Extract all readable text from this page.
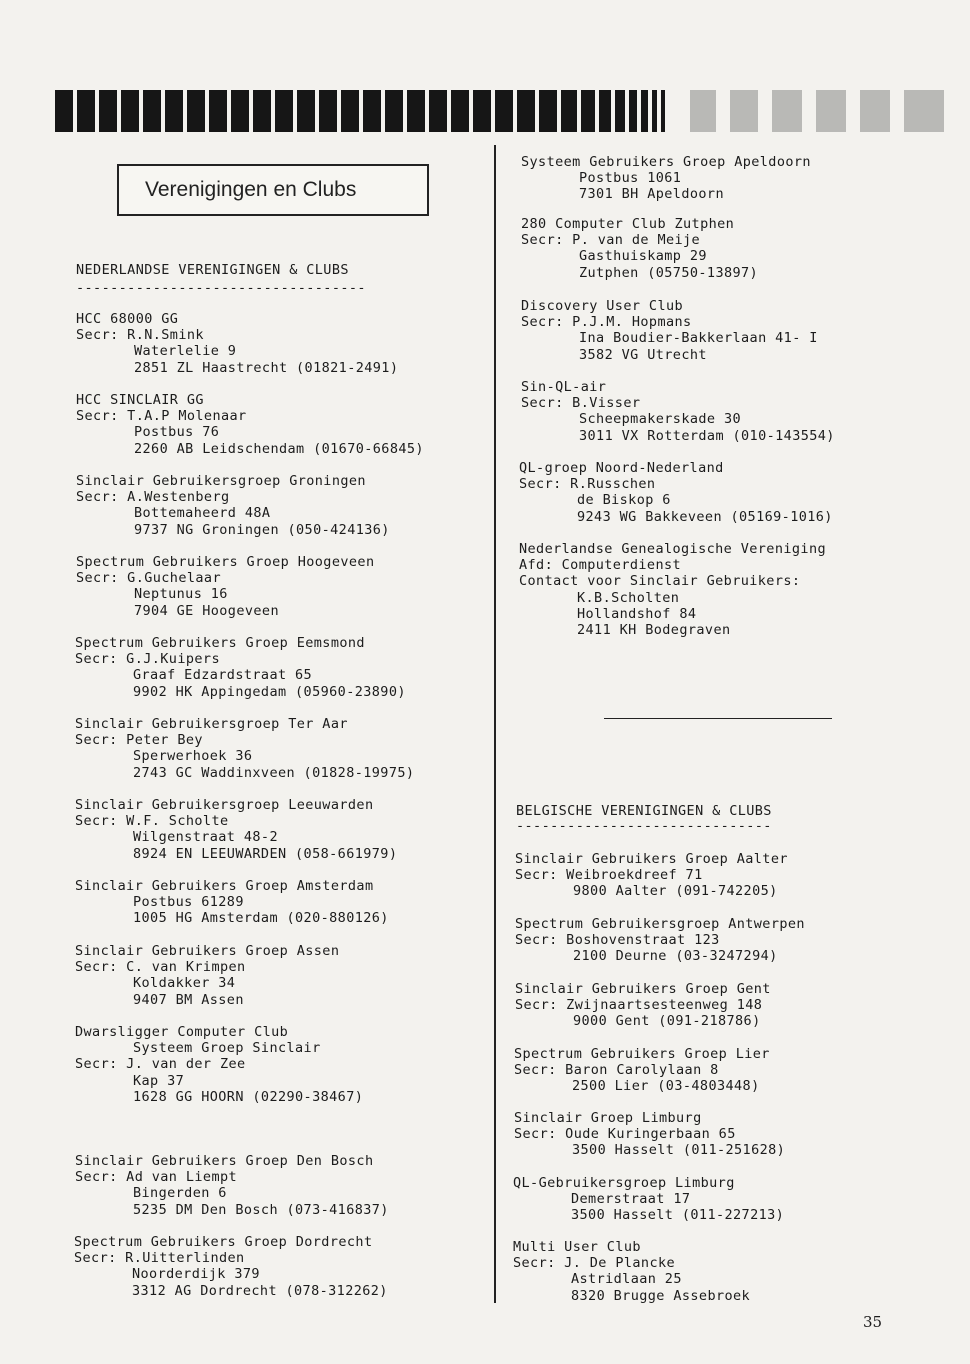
Verenigingen en Clubs
NEDERLANDSE VERENIGINGEN & CLUBS
----------------------------------
BELGISCHE VERENIGINGEN & CLUBS
------------------------------
HCC 68000 GG
Secr: R.N.Smink
Waterlelie 9
2851 ZL Haastrecht (01821-2491)
HCC SINCLAIR GG
Secr: T.A.P Molenaar
Postbus 76
2260 AB Leidschendam (01670-66845)
Sinclair Gebruikersgroep Groningen
Secr: A.Westenberg
Bottemaheerd 48A
9737 NG Groningen (050-424136)
Spectrum Gebruikers Groep Hoogeveen
Secr: G.Guchelaar
Neptunus 16
7904 GE Hoogeveen
Spectrum Gebruikers Groep Eemsmond
Secr: G.J.Kuipers
Graaf Edzardstraat 65
9902 HK Appingedam (05960-23890)
Sinclair Gebruikersgroep Ter Aar
Secr: Peter Bey
Sperwerhoek 36
2743 GC Waddinxveen (01828-19975)
Sinclair Gebruikersgroep Leeuwarden
Secr: W.F. Scholte
Wilgenstraat 48-2
8924 EN LEEUWARDEN (058-661979)
Sinclair Gebruikers Groep Amsterdam
Postbus 61289
1005 HG Amsterdam (020-880126)
Sinclair Gebruikers Groep Assen
Secr: C. van Krimpen
Koldakker 34
9407 BM Assen
Dwarsligger Computer Club
Systeem Groep Sinclair
Secr: J. van der Zee
Kap 37
1628 GG HOORN (02290-38467)
Sinclair Gebruikers Groep Den Bosch
Secr: Ad van Liempt
Bingerden 6
5235 DM Den Bosch (073-416837)
Spectrum Gebruikers Groep Dordrecht
Secr: R.Uitterlinden
Noorderdijk 379
3312 AG Dordrecht (078-312262)
Systeem Gebruikers Groep Apeldoorn
Postbus 1061
7301 BH Apeldoorn
280 Computer Club Zutphen
Secr: P. van de Meije
Gasthuiskamp 29
Zutphen (05750-13897)
Discovery User Club
Secr: P.J.M. Hopmans
Ina Boudier-Bakkerlaan 41- I
3582 VG Utrecht
Sin-QL-air
Secr: B.Visser
Scheepmakerskade 30
3011 VX Rotterdam (010-143554)
QL-groep Noord-Nederland
Secr: R.Russchen
de Biskop 6
9243 WG Bakkeveen (05169-1016)
Nederlandse Genealogische Vereniging
Afd: Computerdienst
Contact voor Sinclair Gebruikers:
K.B.Scholten
Hollandshof 84
2411 KH Bodegraven
Sinclair Gebruikers Groep Aalter
Secr: Weibroekdreef 71
9800 Aalter (091-742205)
Spectrum Gebruikersgroep Antwerpen
Secr: Boshovenstraat 123
2100 Deurne (03-3247294)
Sinclair Gebruikers Groep Gent
Secr: Zwijnaartsesteenweg 148
9000 Gent (091-218786)
Spectrum Gebruikers Groep Lier
Secr: Baron Carolylaan 8
2500 Lier (03-4803448)
Sinclair Groep Limburg
Secr: Oude Kuringerbaan 65
3500 Hasselt (011-251628)
QL-Gebruikersgroep Limburg
Demerstraat 17
3500 Hasselt (011-227213)
Multi User Club
Secr: J. De Plancke
Astridlaan 25
8320 Brugge Assebroek
35
